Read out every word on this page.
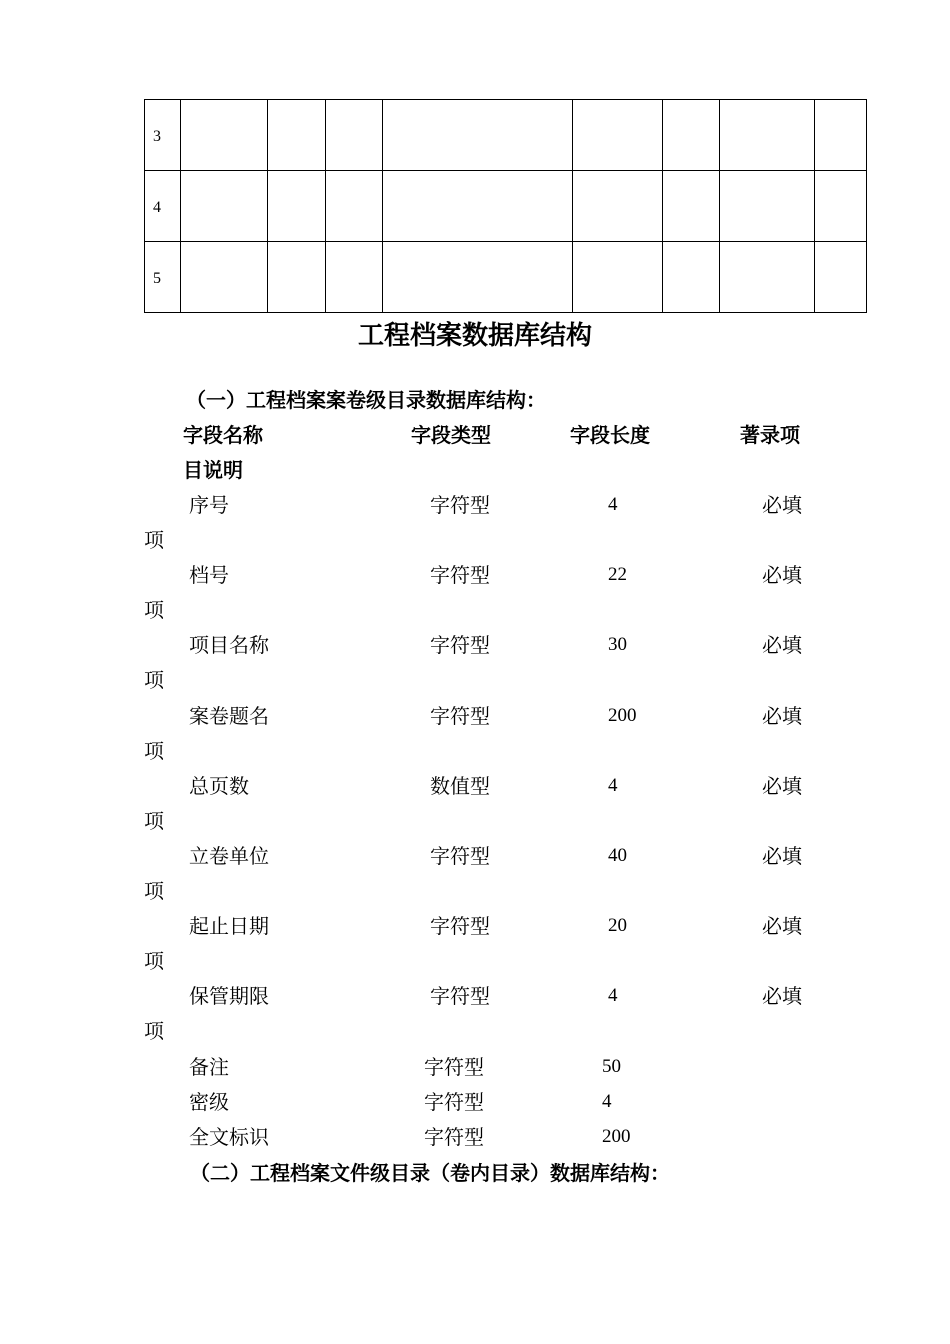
3								
4								
5								
工程档案数据库结构
（一）工程档案案卷级目录数据库结构：
字段名称	字段类型	字段长度	著录项
目说明
序号	字符型	4	必填
项
档号	字符型	22	必填
项
项目名称	字符型	30	必填
项
案卷题名	字符型	200	必填
项
总页数	数值型	4	必填
项
立卷单位	字符型	40	必填
项
起止日期	字符型	20	必填
项
保管期限	字符型	4	必填
项
备注	字符型	50
密级	字符型	4
全文标识	字符型	200
（二）工程档案文件级目录（卷内目录）数据库结构：
